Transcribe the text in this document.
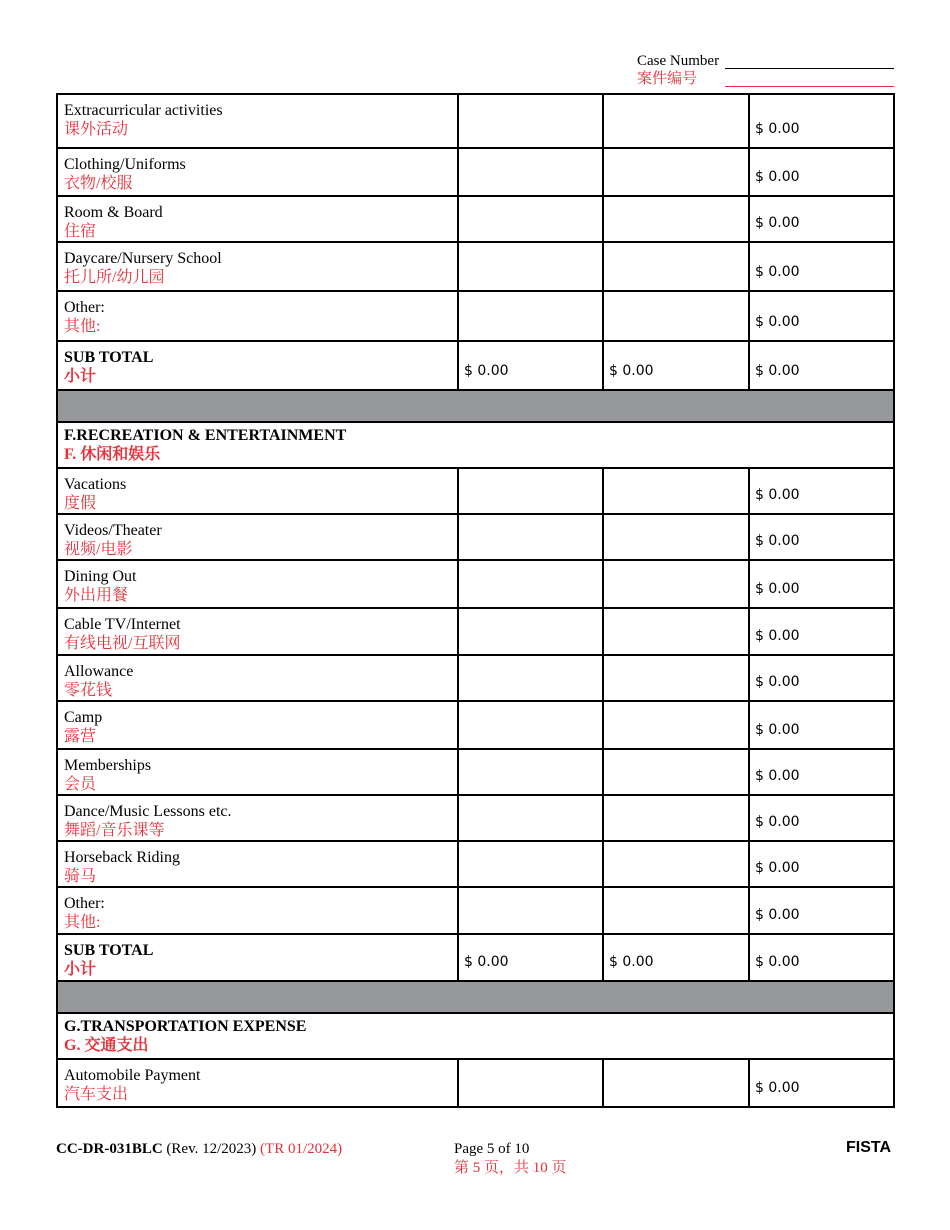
Case Number
案件编号
Extracurricular activities
课外活动			$ 0.00

Clothing/Uniforms
衣物/校服			$ 0.00

Room & Board
住宿			$ 0.00

Daycare/Nursery School
托儿所/幼儿园			$ 0.00

Other:
其他:			$ 0.00

SUB TOTAL
小计	$ 0.00	$ 0.00	$ 0.00

F.RECREATION & ENTERTAINMENT
F. 休闲和娱乐			

Vacations
度假			$ 0.00

Videos/Theater
视频/电影			$ 0.00

Dining Out
外出用餐			$ 0.00

Cable TV/Internet
有线电视/互联网			$ 0.00

Allowance
零花钱			$ 0.00

Camp
露营			$ 0.00

Memberships
会员			$ 0.00

Dance/Music Lessons etc.
舞蹈/音乐课等			$ 0.00

Horseback Riding
骑马			$ 0.00

Other:
其他:			$ 0.00

SUB TOTAL
小计	$ 0.00	$ 0.00	$ 0.00

G.TRANSPORTATION EXPENSE
G. 交通支出			

Automobile Payment
汽车支出			$ 0.00
CC-DR-031BLC (Rev. 12/2023) (TR 01/2024)	Page 5 of 10
第 5 页，共 10 页
FISTA
